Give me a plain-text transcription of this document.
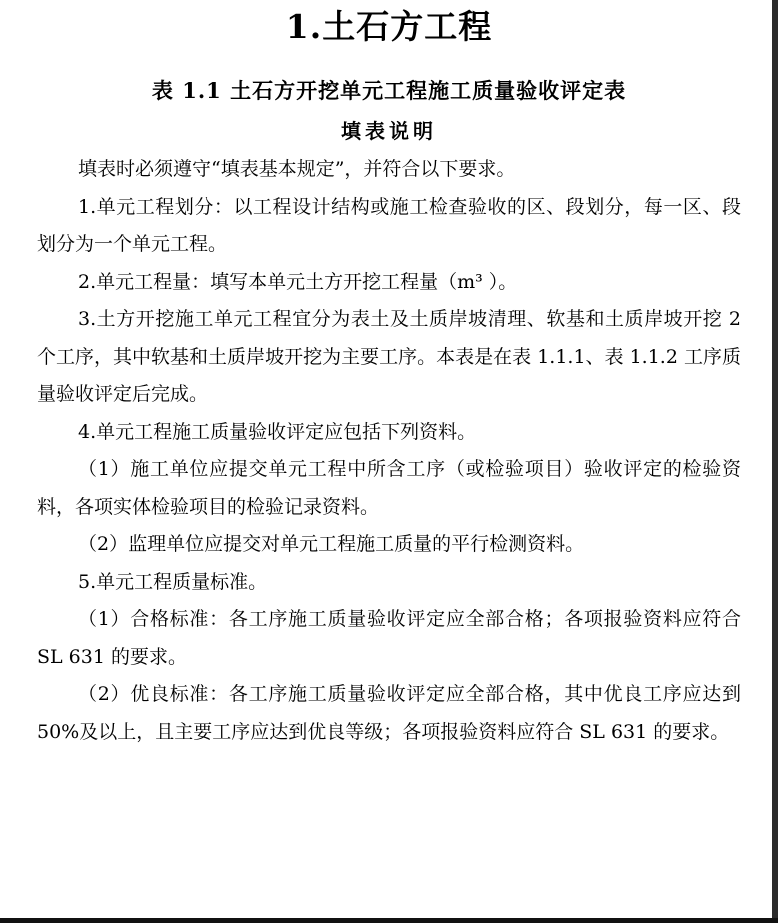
1.土石方工程
表 1.1 土石方开挖单元工程施工质量验收评定表
填表说明

填表时必须遵守“填表基本规定”，并符合以下要求。

1.单元工程划分：以工程设计结构或施工检查验收的区、段划分，每一区、段划分为一个单元工程。

2.单元工程量：填写本单元土方开挖工程量（m³ ）。

3.土方开挖施工单元工程宜分为表土及土质岸坡清理、软基和土质岸坡开挖 2 个工序，其中软基和土质岸坡开挖为主要工序。本表是在表 1.1.1、表 1.1.2 工序质量验收评定后完成。

4.单元工程施工质量验收评定应包括下列资料。

（1）施工单位应提交单元工程中所含工序（或检验项目）验收评定的检验资料，各项实体检验项目的检验记录资料。

（2）监理单位应提交对单元工程施工质量的平行检测资料。

5.单元工程质量标准。

（1）合格标准：各工序施工质量验收评定应全部合格；各项报验资料应符合 SL 631 的要求。

（2）优良标准：各工序施工质量验收评定应全部合格，其中优良工序应达到 50%及以上，且主要工序应达到优良等级；各项报验资料应符合 SL 631 的要求。
